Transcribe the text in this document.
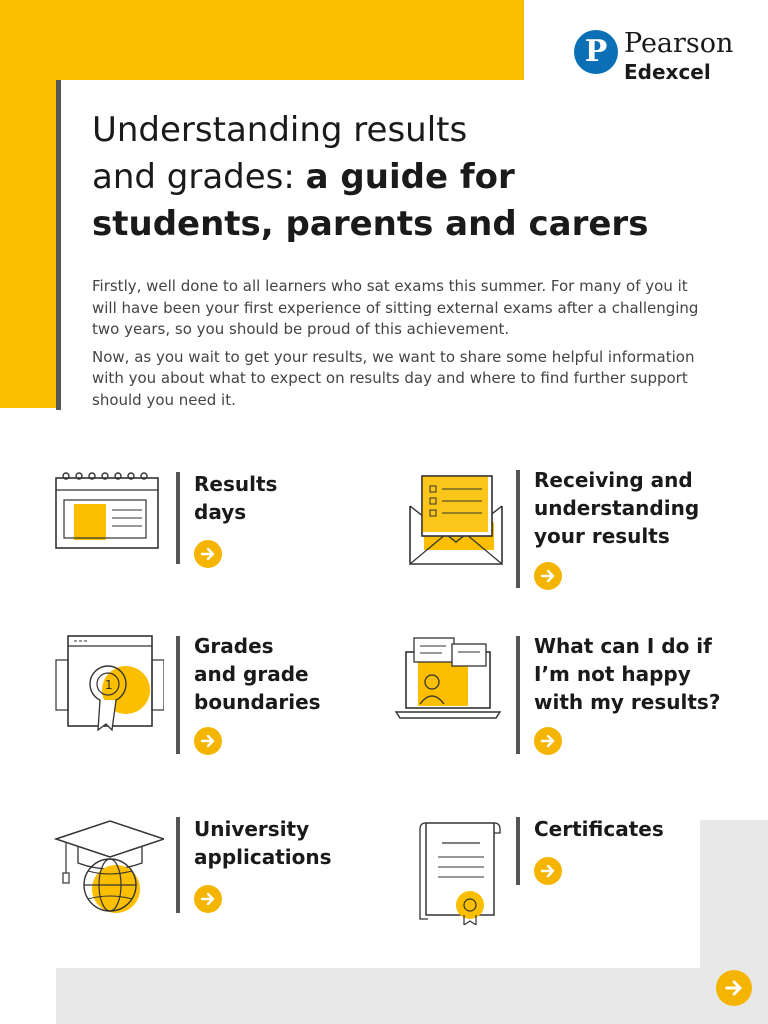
P Pearson
Edexcel
Understanding results
and grades: a guide for
students, parents and carers

Firstly, well done to all learners who sat exams this summer. For many of you it will have been your first experience of sitting external exams after a challenging two years, so you should be proud of this achievement.

Now, as you wait to get your results, we want to share some helpful information with you about what to expect on results day and where to find further support should you need it.

Results
days
Receiving and
understanding
your results
1
Grades
and grade
boundaries
What can I do if
I’m not happy
with my results?
University
applications
Certificates
